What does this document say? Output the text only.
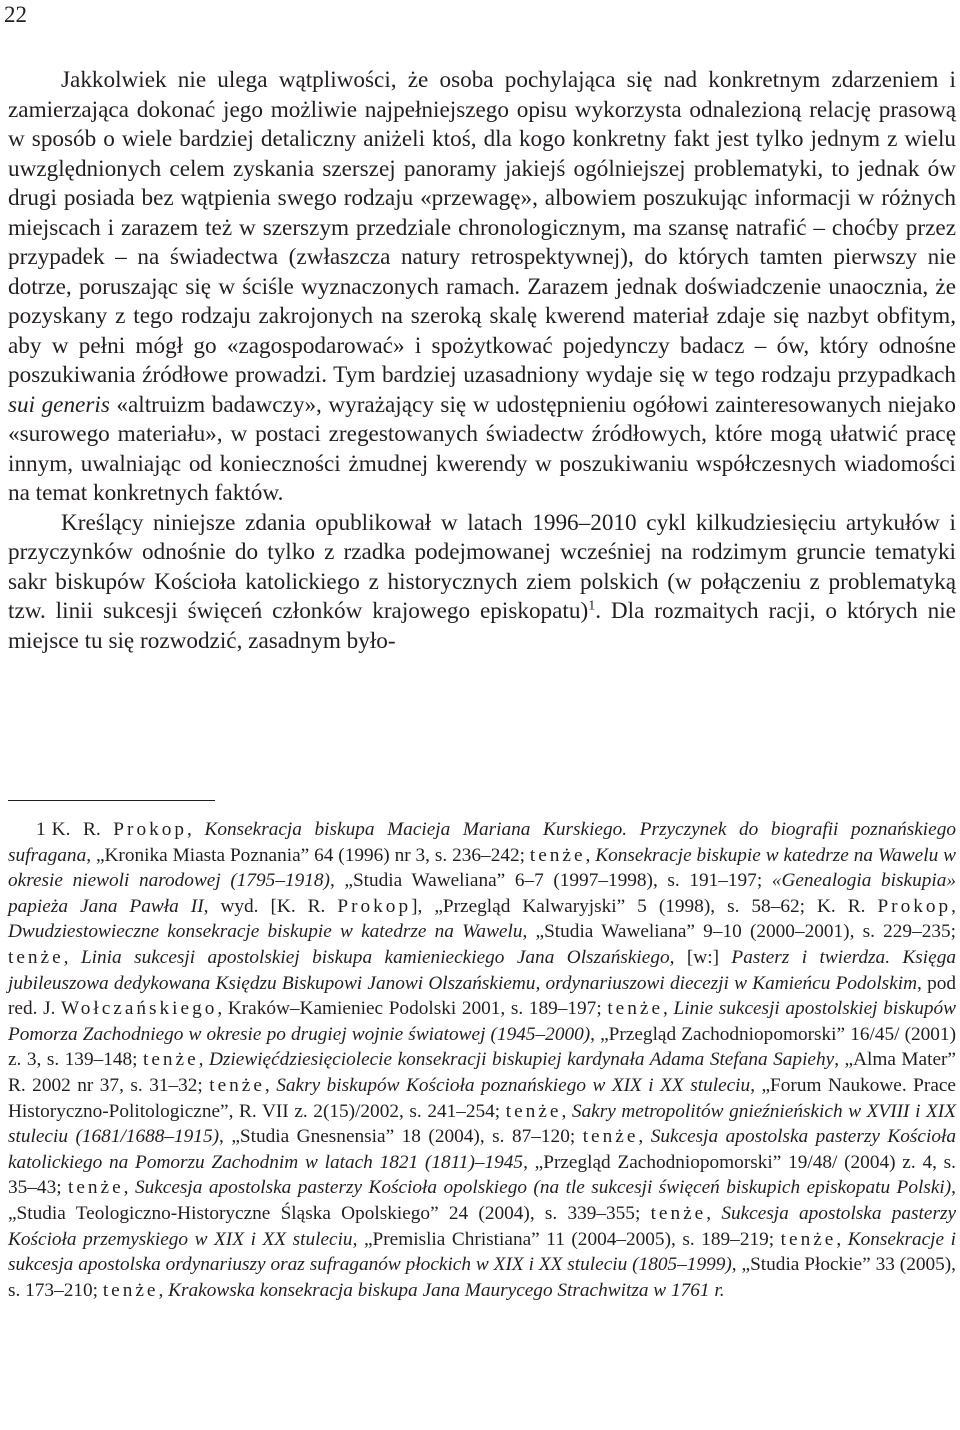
22

Jakkolwiek nie ulega wątpliwości, że osoba pochylająca się nad konkretnym zdarzeniem i zamierzająca dokonać jego możliwie najpełniejszego opisu wykorzysta odnalezioną relację prasową w sposób o wiele bardziej detaliczny aniżeli ktoś, dla kogo konkretny fakt jest tylko jednym z wielu uwzględnionych celem zyskania szerszej panoramy jakiejś ogólniejszej problematyki, to jednak ów drugi posiada bez wątpienia swego rodzaju «przewagę», albowiem poszukując informacji w różnych miejscach i zarazem też w szerszym przedziale chronologicznym, ma szansę natrafić – choćby przez przypadek – na świadectwa (zwłaszcza natury retrospektywnej), do których tamten pierwszy nie dotrze, poruszając się w ściśle wyznaczonych ramach. Zarazem jednak doświadczenie unaocznia, że pozyskany z tego rodzaju zakrojonych na szeroką skalę kwerend materiał zdaje się nazbyt obfitym, aby w pełni mógł go «zagospodarować» i spożytkować pojedynczy badacz – ów, który odnośne poszukiwania źródłowe prowadzi. Tym bardziej uzasadniony wydaje się w tego rodzaju przypadkach sui generis «altruizm badawczy», wyrażający się w udostępnieniu ogółowi zainteresowanych niejako «surowego materiału», w postaci zregestowanych świadectw źródłowych, które mogą ułatwić pracę innym, uwalniając od konieczności żmudnej kwerendy w poszukiwaniu współczesnych wiadomości na temat konkretnych faktów.

Kreślący niniejsze zdania opublikował w latach 1996–2010 cykl kilkudziesięciu artykułów i przyczynków odnośnie do tylko z rzadka podejmowanej wcześniej na rodzimym gruncie tematyki sakr biskupów Kościoła katolickiego z historycznych ziem polskich (w połączeniu z problematyką tzw. linii sukcesji święceń członków krajowego episkopatu)$^1$. Dla rozmaitych racji, o których nie miejsce tu się rozwodzić, zasadnym było-

1 K. R. Prokop, Konsekracja biskupa Macieja Mariana Kurskiego. Przyczynek do biografii poznańskiego sufragana, „Kronika Miasta Poznania” 64 (1996) nr 3, s. 236–242; tenże, Konsekracje biskupie w katedrze na Wawelu w okresie niewoli narodowej (1795–1918), „Studia Waweliana” 6–7 (1997–1998), s. 191–197; «Genealogia biskupia» papieża Jana Pawła II, wyd. [K. R. Prokop], „Przegląd Kalwaryjski” 5 (1998), s. 58–62; K. R. Prokop, Dwudziestowieczne konsekracje biskupie w katedrze na Wawelu, „Studia Waweliana” 9–10 (2000–2001), s. 229–235; tenże, Linia sukcesji apostolskiej biskupa kamienieckiego Jana Olszańskiego, [w:] Pasterz i twierdza. Księga jubileuszowa dedykowana Księdzu Biskupowi Janowi Olszańskiemu, ordynariuszowi diecezji w Kamieńcu Podolskim, pod red. J. Wołczańskiego, Kraków–Kamieniec Podolski 2001, s. 189–197; tenże, Linie sukcesji apostolskiej biskupów Pomorza Zachodniego w okresie po drugiej wojnie światowej (1945–2000), „Przegląd Zachodniopomorski” 16/45/ (2001) z. 3, s. 139–148; tenże, Dziewięćdziesięciolecie konsekracji biskupiej kardynała Adama Stefana Sapiehy, „Alma Mater” R. 2002 nr 37, s. 31–32; tenże, Sakry biskupów Kościoła poznańskiego w XIX i XX stuleciu, „Forum Naukowe. Prace Historyczno-Politologiczne”, R. VII z. 2(15)/2002, s. 241–254; tenże, Sakry metropolitów gnieźnieńskich w XVIII i XIX stuleciu (1681/1688–1915), „Studia Gnesnensia” 18 (2004), s. 87–120; tenże, Sukcesja apostolska pasterzy Kościoła katolickiego na Pomorzu Zachodnim w latach 1821 (1811)–1945, „Przegląd Zachodniopomorski” 19/48/ (2004) z. 4, s. 35–43; tenże, Sukcesja apostolska pasterzy Kościoła opolskiego (na tle sukcesji święceń biskupich episkopatu Polski), „Studia Teologiczno-Historyczne Śląska Opolskiego” 24 (2004), s. 339–355; tenże, Sukcesja apostolska pasterzy Kościoła przemyskiego w XIX i XX stuleciu, „Premislia Christiana” 11 (2004–2005), s. 189–219; tenże, Konsekracje i sukcesja apostolska ordynariuszy oraz sufraganów płockich w XIX i XX stuleciu (1805–1999), „Studia Płockie” 33 (2005), s. 173–210; tenże, Krakowska konsekracja biskupa Jana Maurycego Strachwitza w 1761 r.
